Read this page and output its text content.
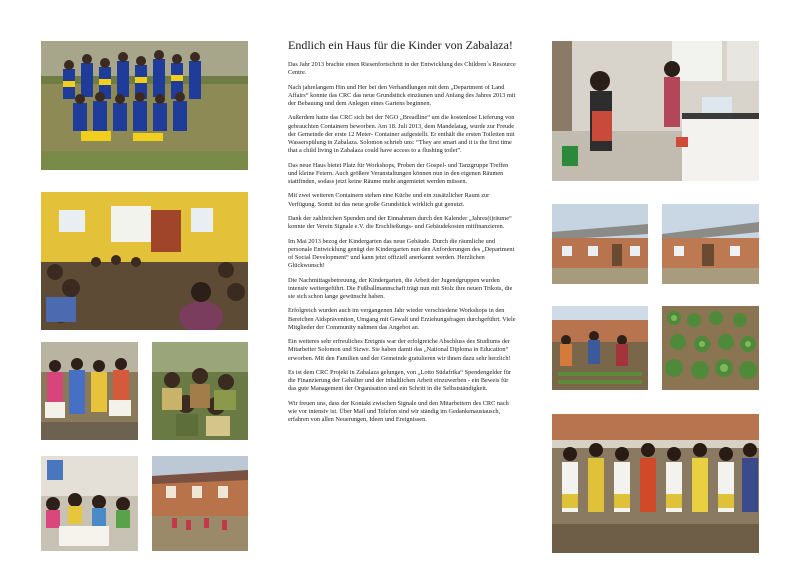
Endlich ein Haus für die Kinder von Zabalaza!

Das Jahr 2013 brachte einen Riesenfortschritt in der Entwicklung des Children´s Resource Centre.

Nach jahrelangem Hin und Her bei den Verhandlungen mit dem „Department of Land Affairs“ konnte das CRC das neue Grundstück einzäunen und Anfang des Jahres 2013 mit der Bebauung und dem Anlegen eines Gartens beginnen.

Außerdem hatte das CRC sich bei der NGO „Breadline“ um die kostenlose Lieferung von gebrauchten Containern beworben. Am 18. Juli 2013, dem Mandelatag, wurde zur Freude der Gemeinde der erste 12 Meter- Container aufgestellt. Er enthält die ersten Toiletten mit Wasserspülung in Zabalaza. Solomon schrieb uns: “They are smart and it is the first time that a child living in Zabalaza could have access to a flushing toilet”.

Das neue Haus bietet Platz für Workshops, Proben der Gospel- und Tanzgruppe Treffen und kleine Feiern. Auch größere Veranstaltungen können nun in den eigenen Räumen stattfinden, sodass jetzt keine Räume mehr angemietet werden müssen.

Mit zwei weiteren Containern stehen eine Küche und ein zusätzlicher Raum zur Verfügung. Somit ist das neue große Grundstück wirklich gut genutzt.

Dank der zahlreichen Spenden und der Einnahmen durch den Kalender „Jahres(t)räume“ konnte der Verein Signale e.V. die Erschließungs- und Gebäudekosten mitfinanzieren.

Im Mai 2013 bezog der Kindergarten das neue Gebäude. Durch die räumliche und personale Entwicklung genügt der Kindergarten nun den Anforderungen des „Department of Social Development“ und kann jetzt offiziell anerkannt werden. Herzlichen Glückwunsch!

Die Nachmittagsbetreuung, der Kindergarten, die Arbeit der Jugendgruppen wurden intensiv weitergeführt. Die Fußballmannschaft trägt nun mit Stolz ihre neuen Trikots, die sie sich schon lange gewünscht haben.

Erfolgreich wurden auch im vergangenen Jahr wieder verschiedene Workshops in den Bereichen Aidsprävention, Umgang mit Gewalt und Erziehungsfragen durchgeführt. Viele Mitglieder der Community nahmen das Angebot an.

Ein weiteres sehr erfreuliches Ereignis war der erfolgreiche Abschluss des Studiums der Mitarbeiter Solomon und Sizwe. Sie haben damit das „National Diploma in Education“ erworben. Mit den Familien und der Gemeinde gratulieren wir ihnen dazu sehr herzlich!

Es ist dem CRC Projekt in Zabalaza gelungen, von „Lotto Südafrika“ Spendengelder für die Finanzierung der Gehälter und der inhaltlichen Arbeit einzuwerben - ein Beweis für das gute Management der Organisation und ein Schritt in die Selbstständigkeit.

Wir freuen uns, dass der Kontakt zwischen Signale und den Mitarbeitern des CRC nach wie vor intensiv ist. Über Mail und Telefon sind wir ständig im Gedankenaustausch, erfahren von allen Neuerungen, Ideen und Ereignissen.
